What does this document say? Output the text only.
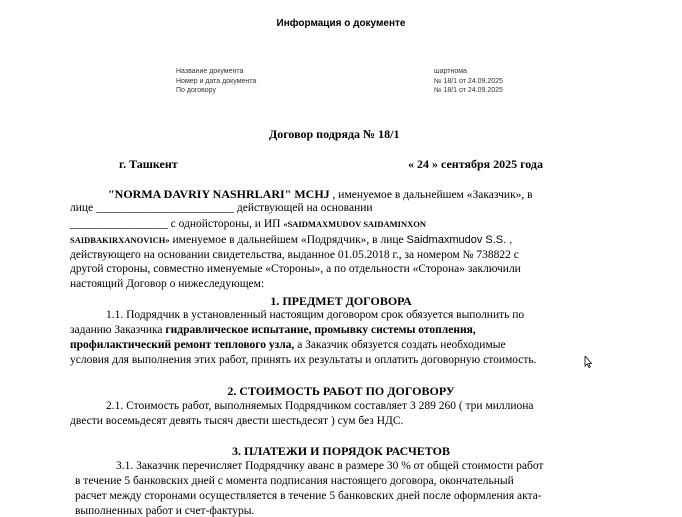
Информация о документе
Название документа	шартнома
Номер и дата документа	№ 18/1 от 24.09.2025
По договору	№ 18/1 от 24.09.2025
Договор подряда № 18/1
г. Ташкент	« 24 » сентября 2025 года
"NORMA DAVRIY NASHRLARI" MCHJ , именуемое в дальнейшем «Заказчик», в
лице ________________________ действующей на основании
_________________ с однойстороны, и ИП «SAIDMAXMUDOV SAIDAMINXON
SAIDBAKIRXANOVICH» именуемое в дальнейшем «Подрядчик», в лице Saidmaxmudov S.S. ,
действующего на основании свидетельства, выданное 01.05.2018 г., за номером № 738822 с
другой стороны, совместно именуемые «Стороны», а по отдельности «Сторона» заключили
настоящий Договор о нижеследующем:
1. ПРЕДМЕТ ДОГОВОРА
1.1. Подрядчик в установленный настоящим договором срок обязуется выполнить по
заданию Заказчика гидравлическое испытание, промывку системы отопления,
профилактический ремонт теплового узла, а Заказчик обязуется создать необходимые
условия для выполнения этих работ, принять их результаты и оплатить договорную стоимость.
2. СТОИМОСТЬ РАБОТ ПО ДОГОВОРУ
2.1. Стоимость работ, выполняемых Подрядчиком составляет 3 289 260 ( три миллиона
двести восемьдесят девять тысяч двести шестьдесят ) сум без НДС.
3. ПЛАТЕЖИ И ПОРЯДОК РАСЧЕТОВ
3.1. Заказчик перечисляет Подрядчику аванс в размере 30 % от общей стоимости работ
в течение 5 банковских дней с момента подписания настоящего договора, окончательный
расчет между сторонами осуществляется в течение 5 банковских дней после оформления акта-
выполненных работ и счет-фактуры.
